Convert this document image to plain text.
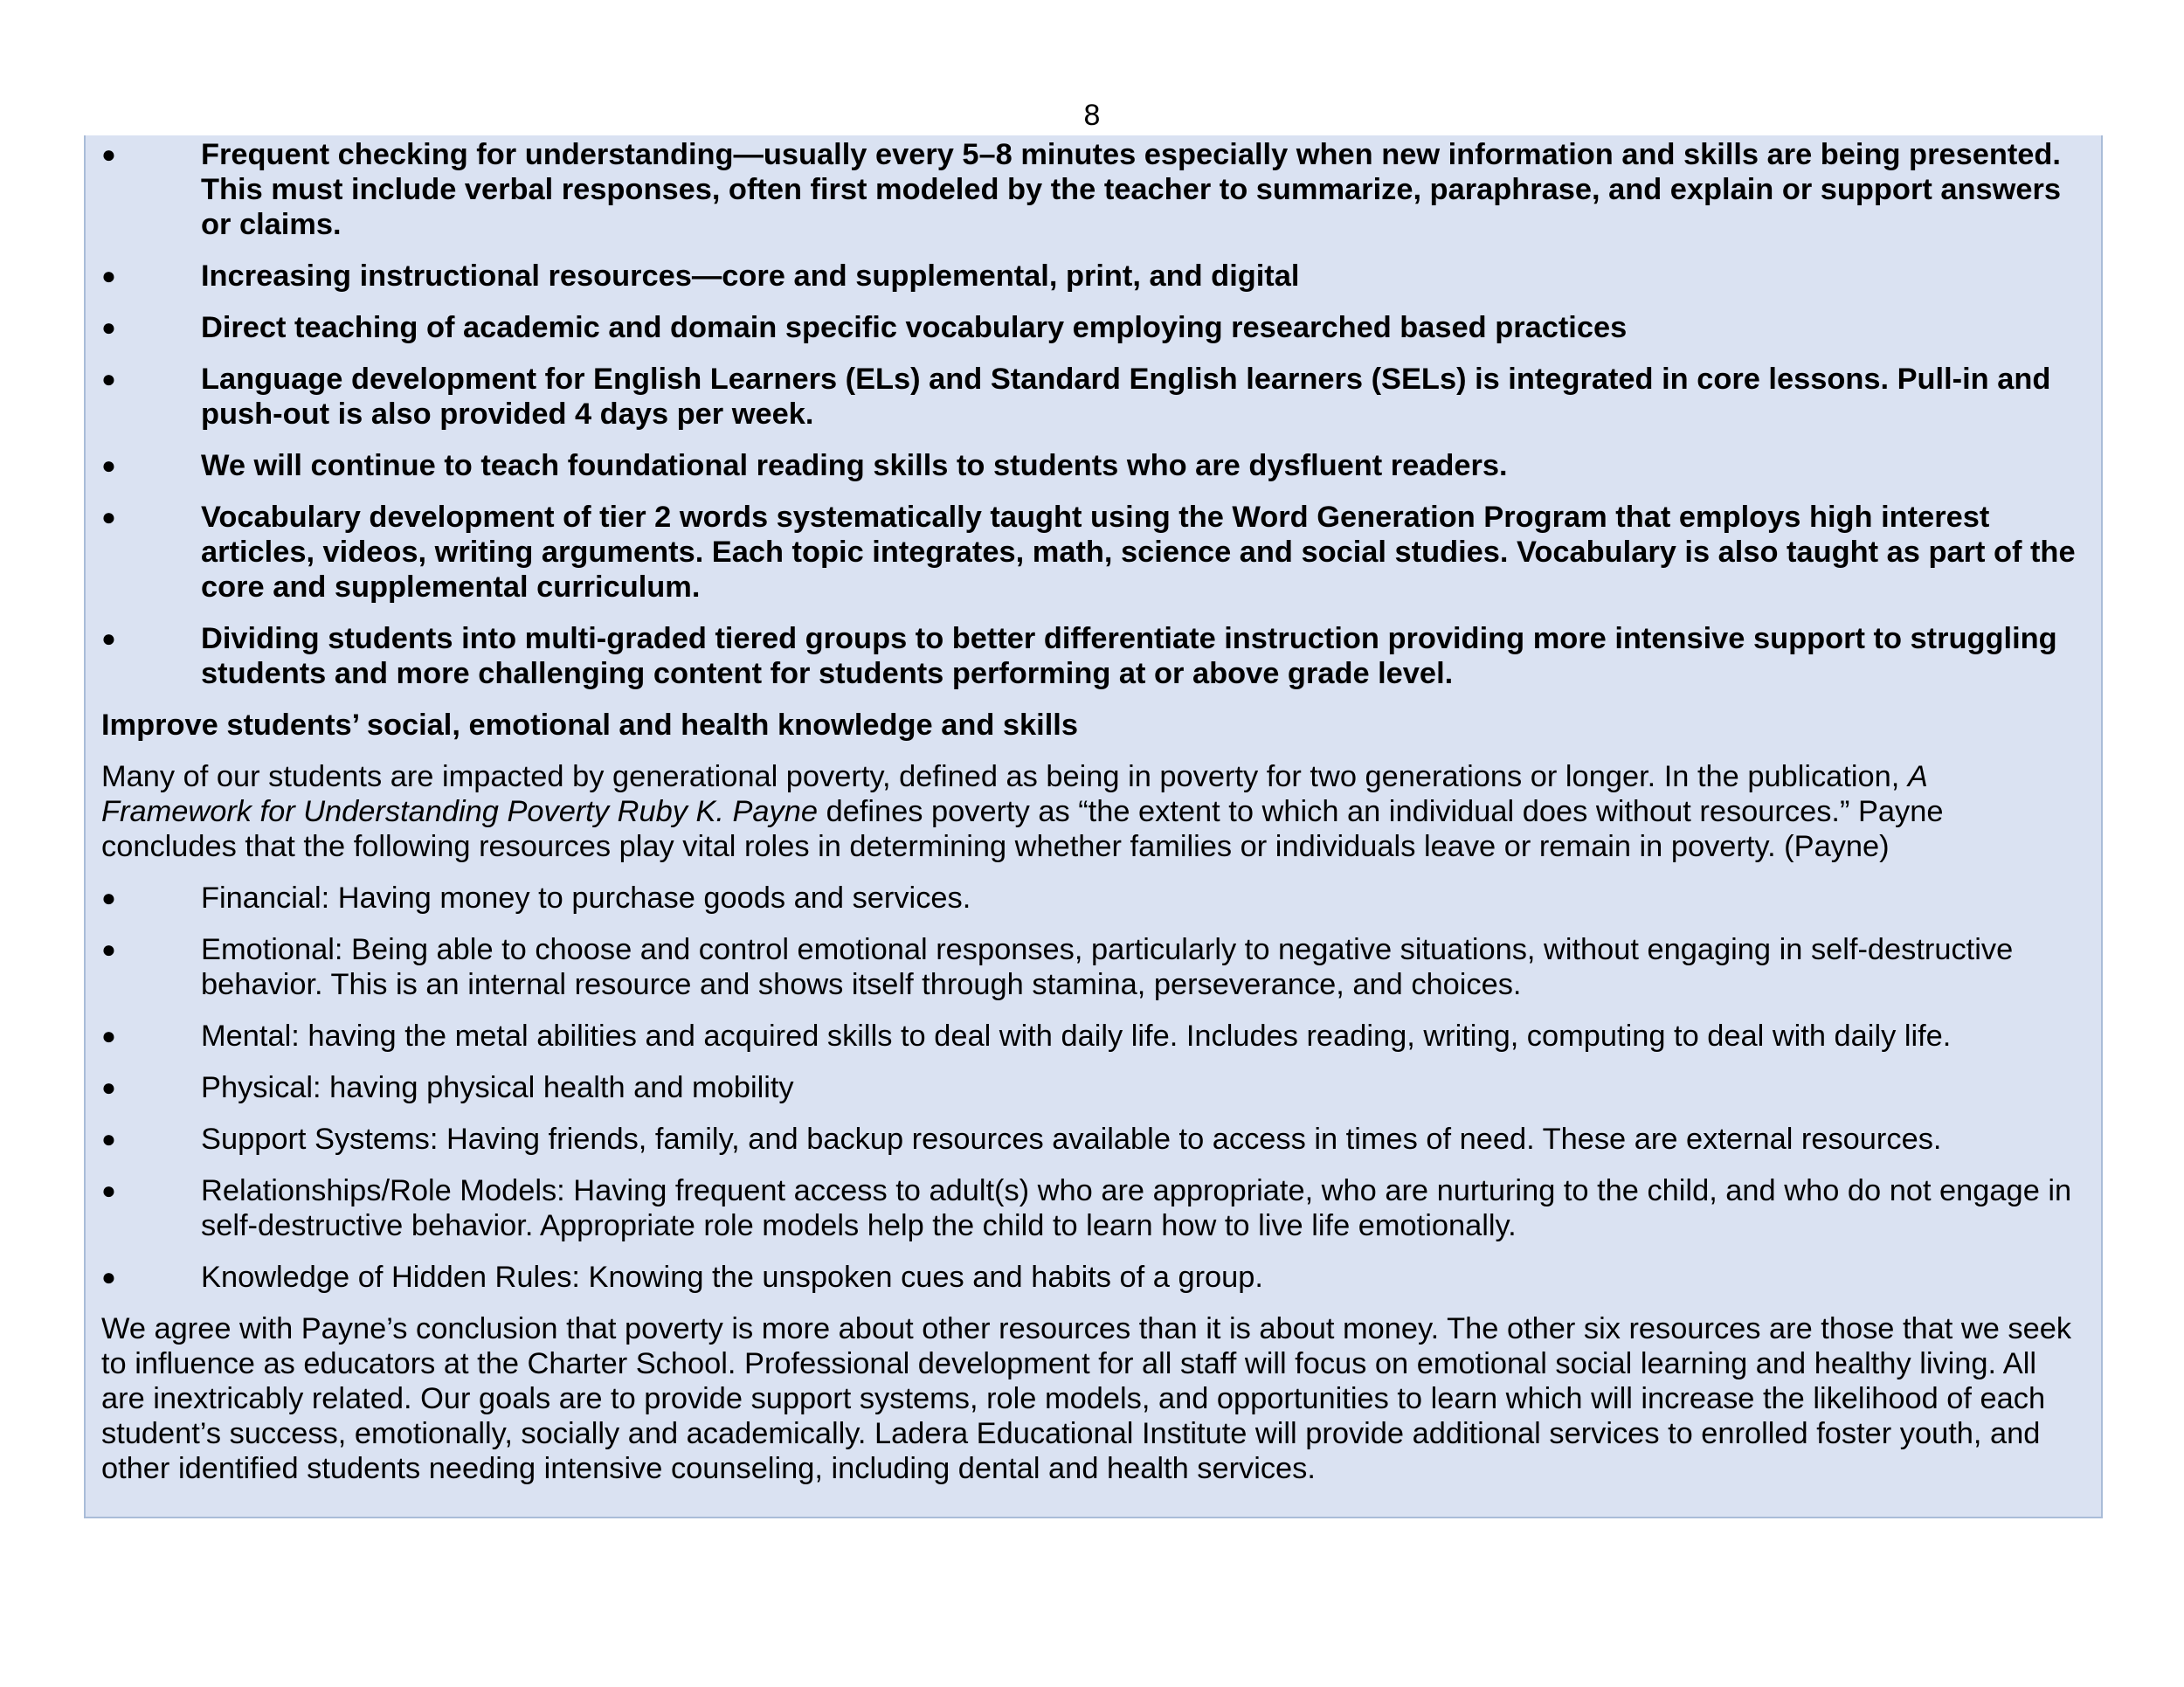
8
●	Frequent checking for understanding—usually every 5–8 minutes especially when new information and skills are being presented. This must include verbal responses, often first modeled by the teacher to summarize, paraphrase, and explain or support answers or claims.
●	Increasing instructional resources—core and supplemental, print, and digital
●	Direct teaching of academic and domain specific vocabulary employing researched based practices
●	Language development for English Learners (ELs) and Standard English learners (SELs) is integrated in core lessons. Pull-in and push-out is also provided 4 days per week.
●	We will continue to teach foundational reading skills to students who are dysfluent readers.
●	Vocabulary development of tier 2 words systematically taught using the Word Generation Program that employs high interest articles, videos, writing arguments. Each topic integrates, math, science and social studies. Vocabulary is also taught as part of the core and supplemental curriculum.
●	Dividing students into multi-graded tiered groups to better differentiate instruction providing more intensive support to struggling students and more challenging content for students performing at or above grade level.
Improve students’ social, emotional and health knowledge and skills
Many of our students are impacted by generational poverty, defined as being in poverty for two generations or longer. In the publication, A Framework for Understanding Poverty Ruby K. Payne defines poverty as “the extent to which an individual does without resources.” Payne concludes that the following resources play vital roles in determining whether families or individuals leave or remain in poverty. (Payne)
●	Financial: Having money to purchase goods and services.
●	Emotional: Being able to choose and control emotional responses, particularly to negative situations, without engaging in self-destructive behavior. This is an internal resource and shows itself through stamina, perseverance, and choices.
●	Mental: having the metal abilities and acquired skills to deal with daily life. Includes reading, writing, computing to deal with daily life.
●	Physical: having physical health and mobility
●	Support Systems: Having friends, family, and backup resources available to access in times of need. These are external resources.
●	Relationships/Role Models: Having frequent access to adult(s) who are appropriate, who are nurturing to the child, and who do not engage in self-destructive behavior. Appropriate role models help the child to learn how to live life emotionally.
●	Knowledge of Hidden Rules: Knowing the unspoken cues and habits of a group.
We agree with Payne’s conclusion that poverty is more about other resources than it is about money. The other six resources are those that we seek to influence as educators at the Charter School. Professional development for all staff will focus on emotional social learning and healthy living. All are inextricably related. Our goals are to provide support systems, role models, and opportunities to learn which will increase the likelihood of each student’s success, emotionally, socially and academically. Ladera Educational Institute will provide additional services to enrolled foster youth, and other identified students needing intensive counseling, including dental and health services.
